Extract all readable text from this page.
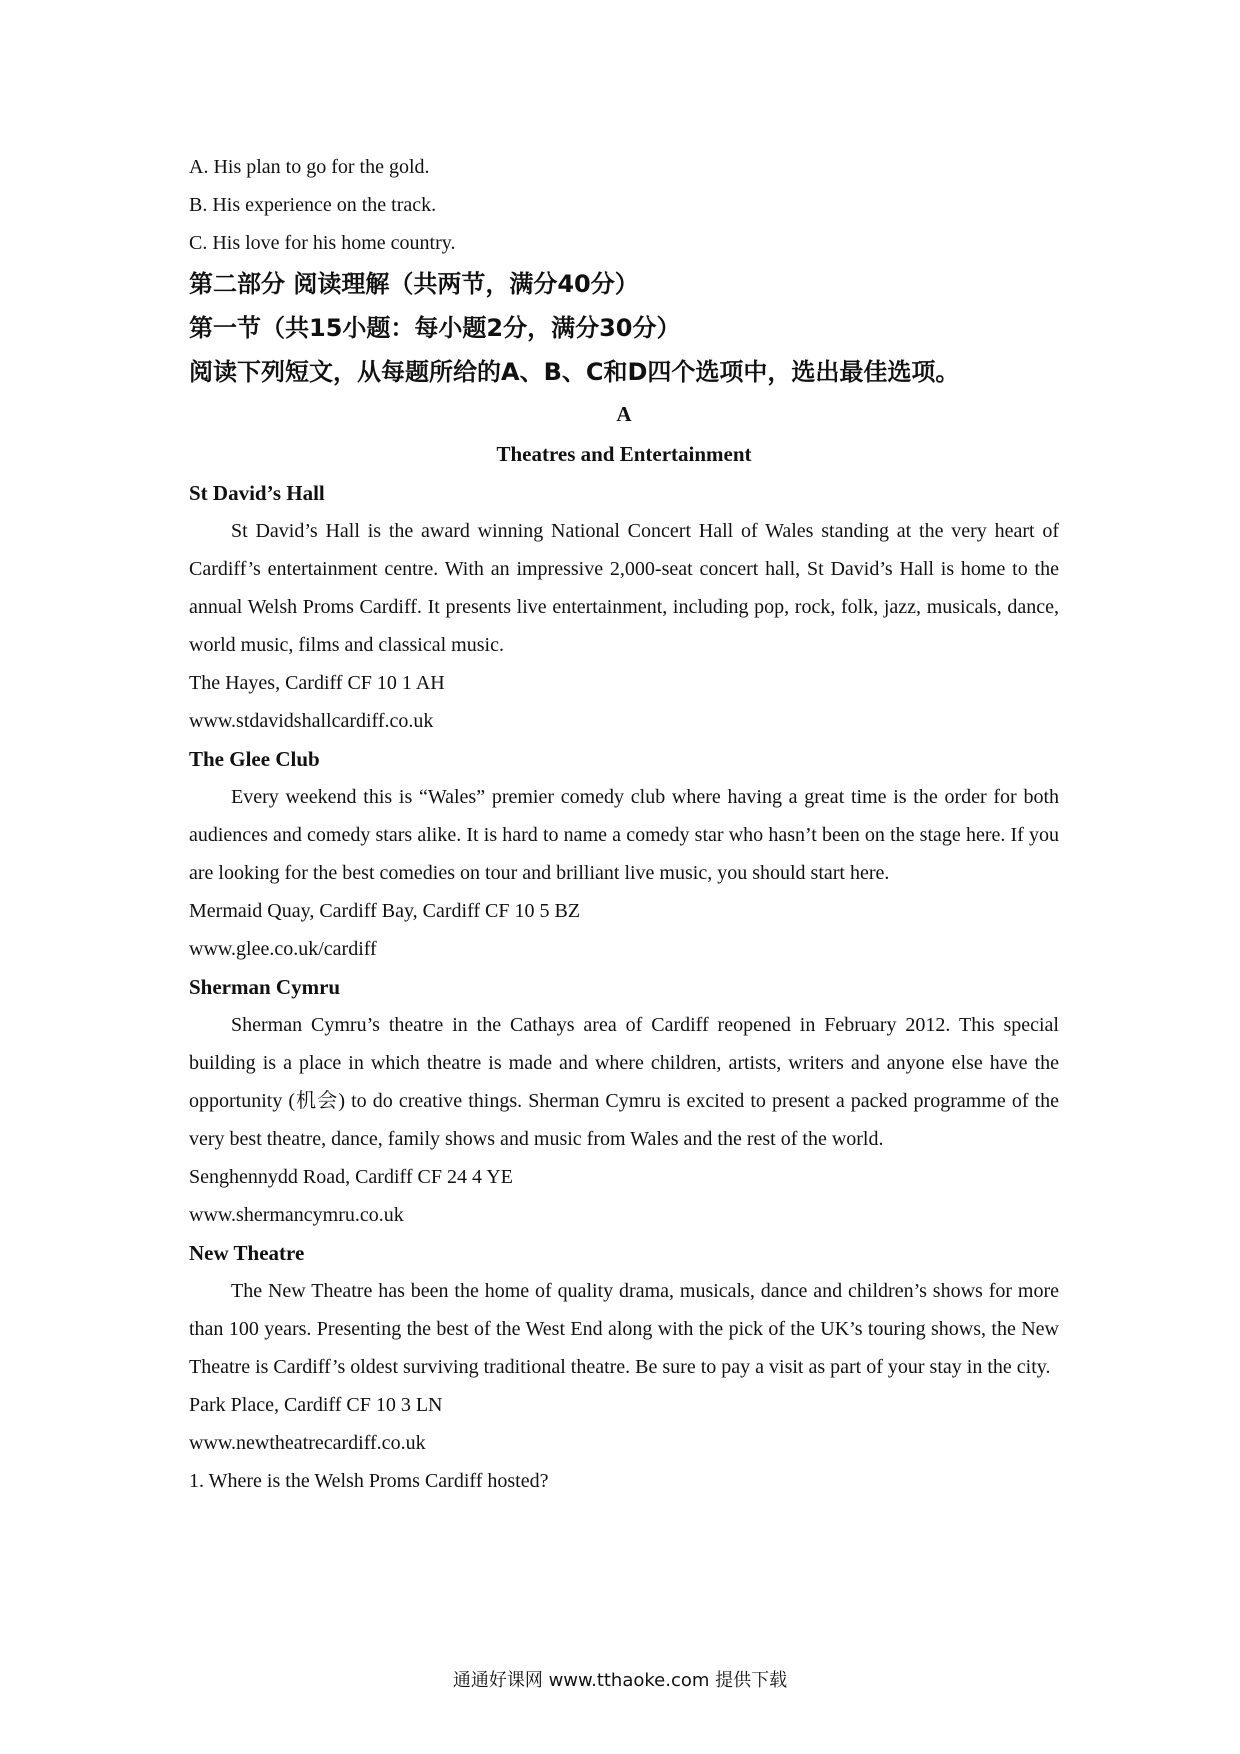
A. His plan to go for the gold.
B. His experience on the track.
C. His love for his home country.
第二部分 阅读理解（共两节，满分40分）
第一节（共15小题：每小题2分，满分30分）
阅读下列短文，从每题所给的A、B、C和D四个选项中，选出最佳选项。
A
Theatres and Entertainment
St David’s Hall
St David’s Hall is the award winning National Concert Hall of Wales standing at the very heart of Cardiff’s entertainment centre. With an impressive 2,000-seat concert hall, St David’s Hall is home to the annual Welsh Proms Cardiff. It presents live entertainment, including pop, rock, folk, jazz, musicals, dance, world music, films and classical music.
The Hayes, Cardiff CF 10 1 AH
www.stdavidshallcardiff.co.uk
The Glee Club
Every weekend this is “Wales” premier comedy club where having a great time is the order for both audiences and comedy stars alike. It is hard to name a comedy star who hasn’t been on the stage here. If you are looking for the best comedies on tour and brilliant live music, you should start here.
Mermaid Quay, Cardiff Bay, Cardiff CF 10 5 BZ
www.glee.co.uk/cardiff
Sherman Cymru
Sherman Cymru’s theatre in the Cathays area of Cardiff reopened in February 2012. This special building is a place in which theatre is made and where children, artists, writers and anyone else have the opportunity (机会) to do creative things. Sherman Cymru is excited to present a packed programme of the very best theatre, dance, family shows and music from Wales and the rest of the world.
Senghennydd Road, Cardiff CF 24 4 YE
www.shermancymru.co.uk
New Theatre
The New Theatre has been the home of quality drama, musicals, dance and children’s shows for more than 100 years. Presenting the best of the West End along with the pick of the UK’s touring shows, the New Theatre is Cardiff’s oldest surviving traditional theatre. Be sure to pay a visit as part of your stay in the city.
Park Place, Cardiff CF 10 3 LN
www.newtheatrecardiff.co.uk
1. Where is the Welsh Proms Cardiff hosted?
通通好课网 www.tthaoke.com 提供下载
